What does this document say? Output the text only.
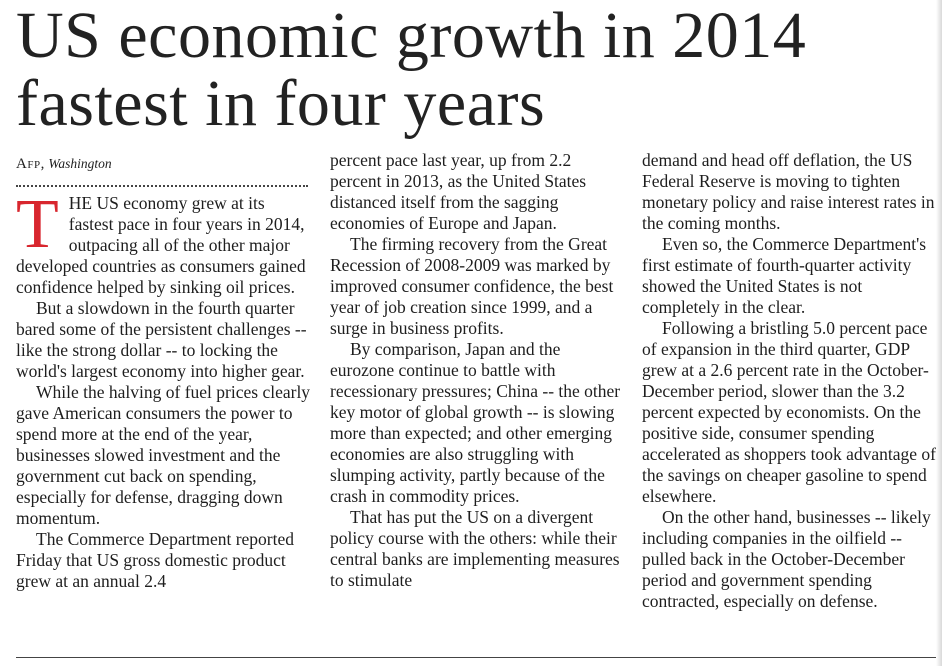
US economic growth in 2014
fastest in four years
Afp, Washington

THE US economy grew at its fastest pace in four years in 2014, outpacing all of the other major developed countries as consumers gained confidence helped by sinking oil prices.

But a slowdown in the fourth quarter bared some of the persistent challenges -- like the strong dollar -- to locking the world's largest economy into higher gear.

While the halving of fuel prices clearly gave American consumers the power to spend more at the end of the year, businesses slowed investment and the government cut back on spending, especially for defense, dragging down momentum.

The Commerce Department reported Friday that US gross domestic product grew at an annual 2.4

percent pace last year, up from 2.2 percent in 2013, as the United States distanced itself from the sagging economies of Europe and Japan.

The firming recovery from the Great Recession of 2008-2009 was marked by improved consumer confidence, the best year of job creation since 1999, and a surge in business profits.

By comparison, Japan and the eurozone continue to battle with recessionary pressures; China -- the other key motor of global growth -- is slowing more than expected; and other emerging economies are also struggling with slumping activity, partly because of the crash in commodity prices.

That has put the US on a divergent policy course with the others: while their central banks are implementing measures to stimulate

demand and head off deflation, the US Federal Reserve is moving to tighten monetary policy and raise interest rates in the coming months.

Even so, the Commerce Department's first estimate of fourth-quarter activity showed the United States is not completely in the clear.

Following a bristling 5.0 percent pace of expansion in the third quarter, GDP grew at a 2.6 percent rate in the October-December period, slower than the 3.2 percent expected by economists. On the positive side, consumer spending accelerated as shoppers took advantage of the savings on cheaper gasoline to spend elsewhere.

On the other hand, businesses -- likely including companies in the oilfield -- pulled back in the October-December period and government spending contracted, especially on defense.
